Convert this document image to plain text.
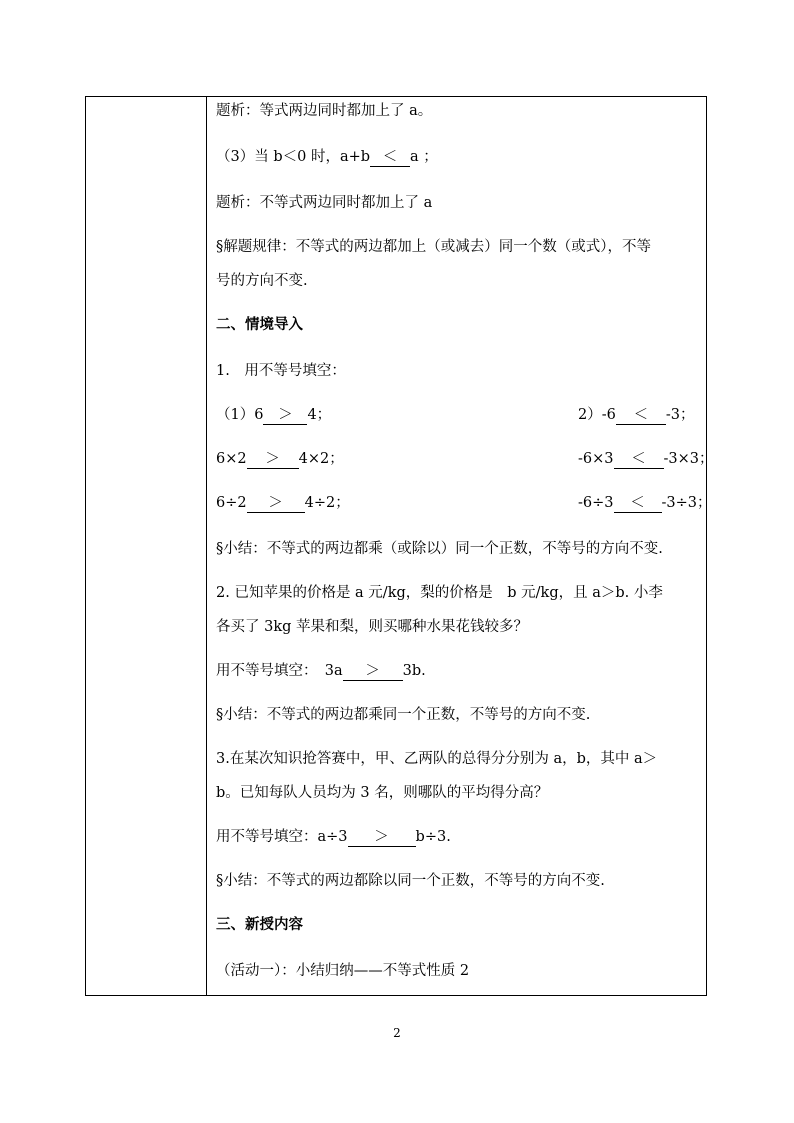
题析：等式两边同时都加上了 a。
（3）当 b＜0 时，a+b ＜ a ；
题析：不等式两边同时都加上了 a
§解题规律：不等式的两边都加上（或减去）同一个数（或式），不等
号的方向不变.
二、情境导入
1.　用不等号填空：
（1）6 ＞ 4；	2）-6 ＜ -3；
6×2 ＞ 4×2；	-6×3 ＜ -3×3；
6÷2 ＞ 4÷2；	-6÷3 ＜ -3÷3；
§小结：不等式的两边都乘（或除以）同一个正数，不等号的方向不变.
2. 已知苹果的价格是 a 元/kg，梨的价格是　b 元/kg，且 a＞b. 小李
各买了 3kg 苹果和梨，则买哪种水果花钱较多？
用不等号填空：　3a ＞ 3b.
§小结：不等式的两边都乘同一个正数，不等号的方向不变.
3.在某次知识抢答赛中，甲、乙两队的总得分分别为 a，b，其中 a＞
b。已知每队人员均为 3 名，则哪队的平均得分高？
用不等号填空：a÷3 ＞ b÷3.
§小结：不等式的两边都除以同一个正数，不等号的方向不变.
三、新授内容
（活动一）：小结归纳——不等式性质 2
2
